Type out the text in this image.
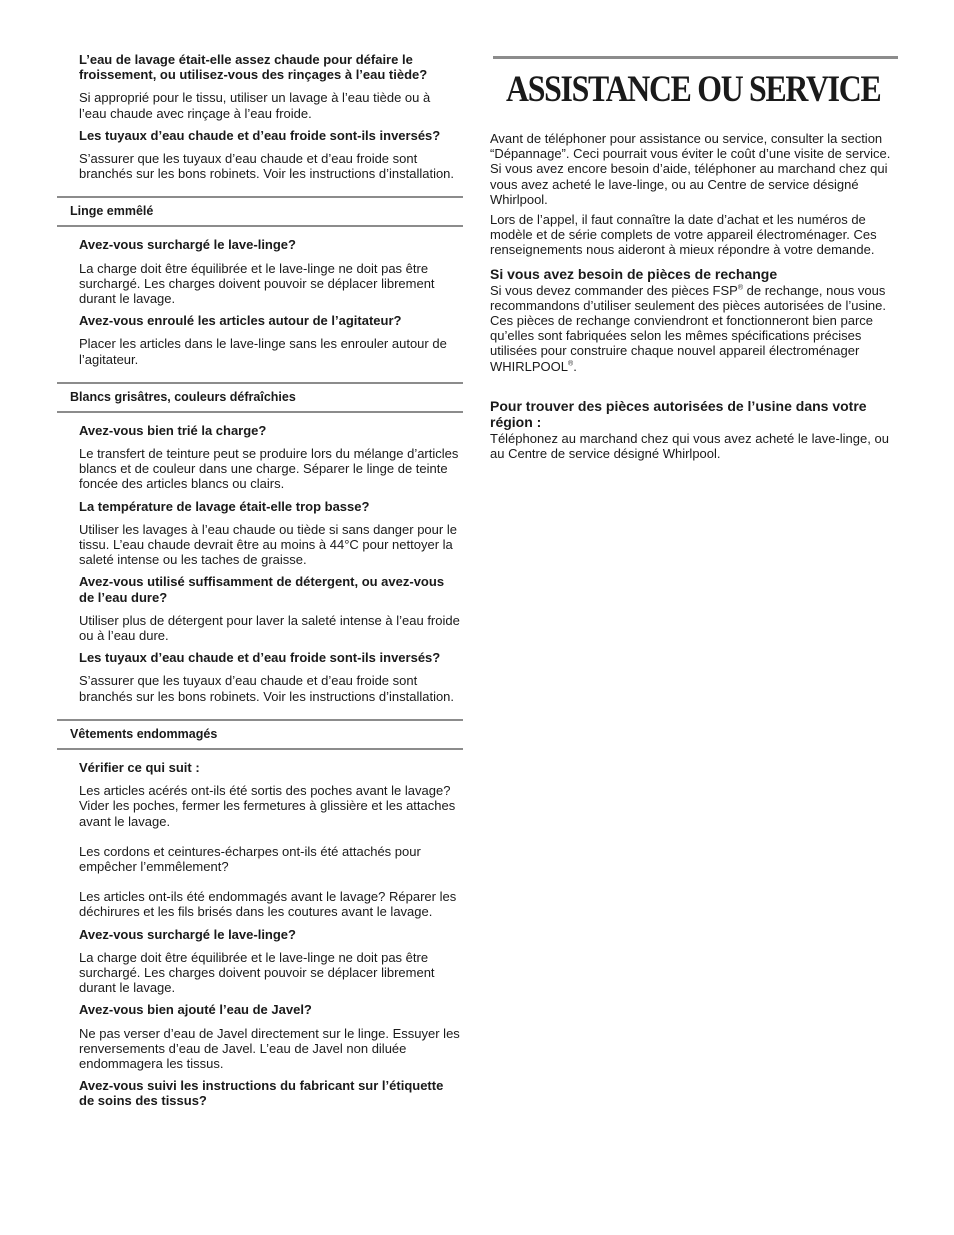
L’eau de lavage était-elle assez chaude pour défaire le froissement, ou utilisez-vous des rinçages à l’eau tiède?
Si approprié pour le tissu, utiliser un lavage à l’eau tiède ou à l’eau chaude avec rinçage à l’eau froide.
Les tuyaux d’eau chaude et d’eau froide sont-ils inversés?
S’assurer que les tuyaux d’eau chaude et d’eau froide sont branchés sur les bons robinets. Voir les instructions d’installation.
Linge emmêlé
Avez-vous surchargé le lave-linge?
La charge doit être équilibrée et le lave-linge ne doit pas être surchargé. Les charges doivent pouvoir se déplacer librement durant le lavage.
Avez-vous enroulé les articles autour de l’agitateur?
Placer les articles dans le lave-linge sans les enrouler autour de l’agitateur.
Blancs grisâtres, couleurs défraîchies
Avez-vous bien trié la charge?
Le transfert de teinture peut se produire lors du mélange d’articles blancs et de couleur dans une charge. Séparer le linge de teinte foncée des articles blancs ou clairs.
La température de lavage était-elle trop basse?
Utiliser les lavages à l’eau chaude ou tiède si sans danger pour le tissu. L’eau chaude devrait être au moins à 44°C pour nettoyer la saleté intense ou les taches de graisse.
Avez-vous utilisé suffisamment de détergent, ou avez-vous de l’eau dure?
Utiliser plus de détergent pour laver la saleté intense à l’eau froide ou à l’eau dure.
Les tuyaux d’eau chaude et d’eau froide sont-ils inversés?
S’assurer que les tuyaux d’eau chaude et d’eau froide sont branchés sur les bons robinets. Voir les instructions d’installation.
Vêtements endommagés
Vérifier ce qui suit :
Les articles acérés ont-ils été sortis des poches avant le lavage? Vider les poches, fermer les fermetures à glissière et les attaches avant le lavage.
Les cordons et ceintures-écharpes ont-ils été attachés pour empêcher l’emmêlement?
Les articles ont-ils été endommagés avant le lavage? Réparer les déchirures et les fils brisés dans les coutures avant le lavage.
Avez-vous surchargé le lave-linge?
La charge doit être équilibrée et le lave-linge ne doit pas être surchargé. Les charges doivent pouvoir se déplacer librement durant le lavage.
Avez-vous bien ajouté l’eau de Javel?
Ne pas verser d’eau de Javel directement sur le linge. Essuyer les renversements d’eau de Javel. L’eau de Javel non diluée endommagera les tissus.
Avez-vous suivi les instructions du fabricant sur l’étiquette de soins des tissus?
ASSISTANCE OU SERVICE
Avant de téléphoner pour assistance ou service, consulter la section “Dépannage”. Ceci pourrait vous éviter le coût d’une visite de service. Si vous avez encore besoin d’aide, téléphoner au marchand chez qui vous avez acheté le lave-linge, ou au Centre de service désigné Whirlpool.
Lors de l’appel, il faut connaître la date d’achat et les numéros de modèle et de série complets de votre appareil électroménager. Ces renseignements nous aideront à mieux répondre à votre demande.
Si vous avez besoin de pièces de rechange
Si vous devez commander des pièces FSP® de rechange, nous vous recommandons d’utiliser seulement des pièces autorisées de l’usine. Ces pièces de rechange conviendront et fonctionneront bien parce qu’elles sont fabriquées selon les mêmes spécifications précises utilisées pour construire chaque nouvel appareil électroménager WHIRLPOOL®.
Pour trouver des pièces autorisées de l’usine dans votre région :
Téléphonez au marchand chez qui vous avez acheté le lave-linge, ou au Centre de service désigné Whirlpool.
